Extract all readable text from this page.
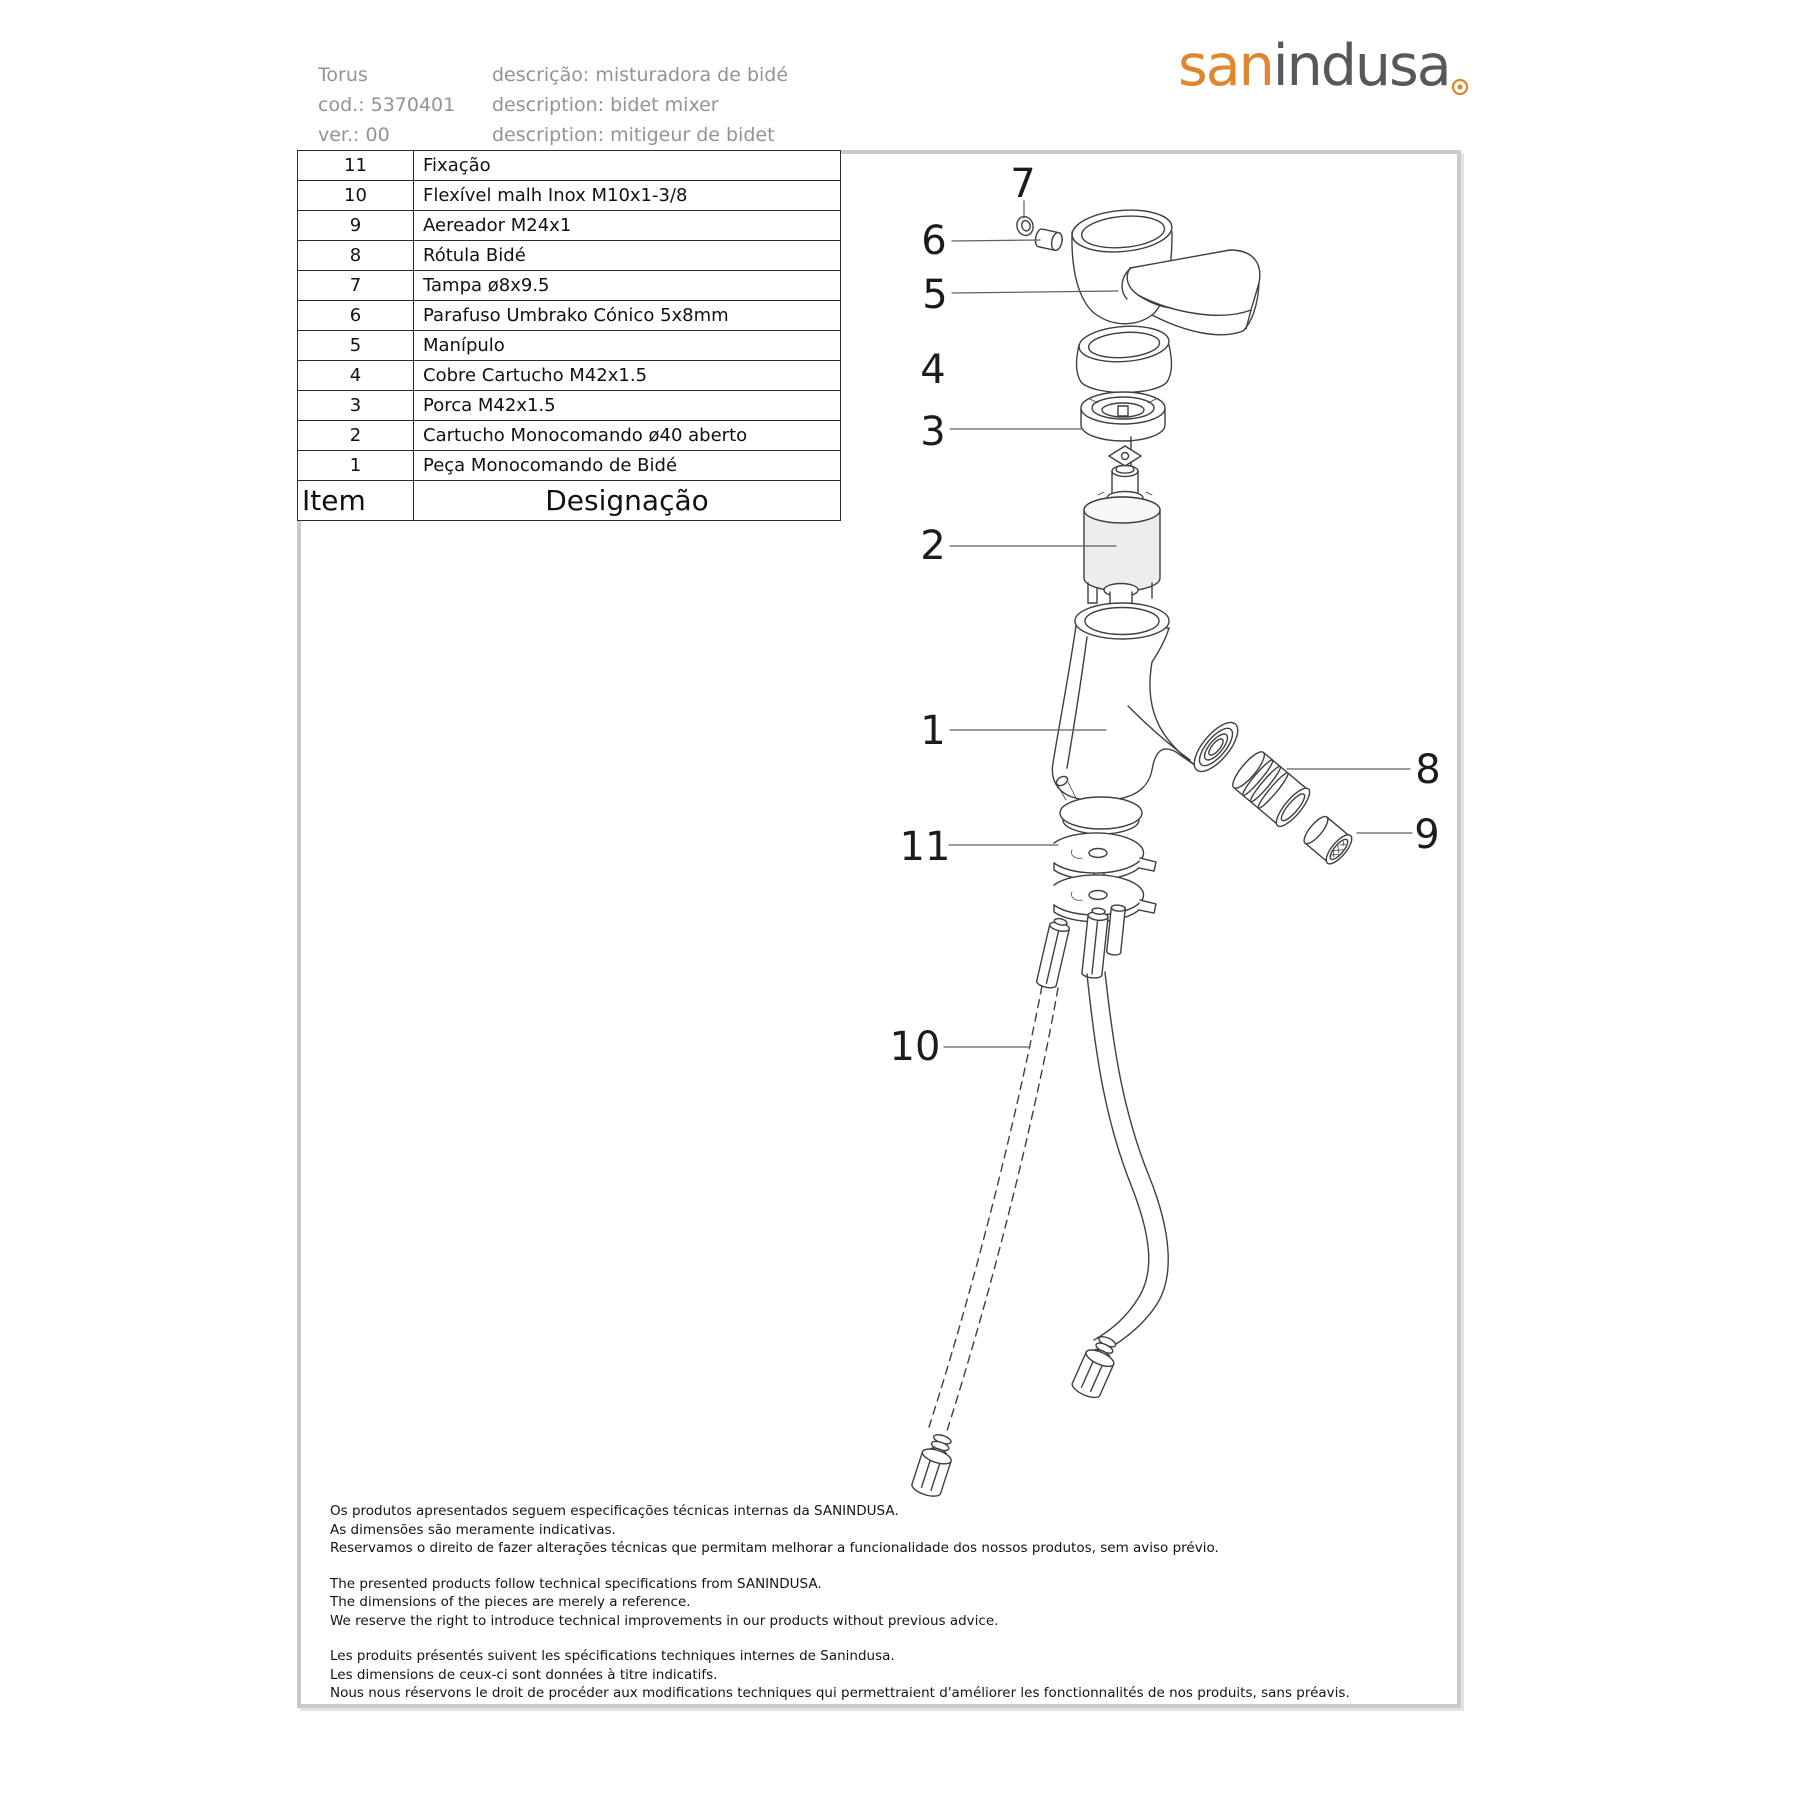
Torus
cod.: 5370401
ver.: 00
descrição: misturadora de bidé
description: bidet mixer
description: mitigeur de bidet
sanindusa
11	Fixação
10	Flexível malh Inox M10x1-3/8
9	Aereador M24x1
8	Rótula Bidé
7	Tampa ø8x9.5
6	Parafuso Umbrako Cónico 5x8mm
5	Manípulo
4	Cobre Cartucho M42x1.5
3	Porca M42x1.5
2	Cartucho Monocomando ø40 aberto
1	Peça Monocomando de Bidé
Item	Designação
7
6
5
4
3
2
1
8
9
11
10
Os produtos apresentados seguem especificações técnicas internas da SANINDUSA.
As dimensões são meramente indicativas.
Reservamos o direito de fazer alterações técnicas que permitam melhorar a funcionalidade dos nossos produtos, sem aviso prévio.
The presented products follow technical specifications from SANINDUSA.
The dimensions of the pieces are merely a reference.
We reserve the right to introduce technical improvements in our products without previous advice.
Les produits présentés suivent les spécifications techniques internes de Sanindusa.
Les dimensions de ceux-ci sont données à titre indicatifs.
Nous nous réservons le droit de procéder aux modifications techniques qui permettraient d'améliorer les fonctionnalités de nos produits, sans préavis.
